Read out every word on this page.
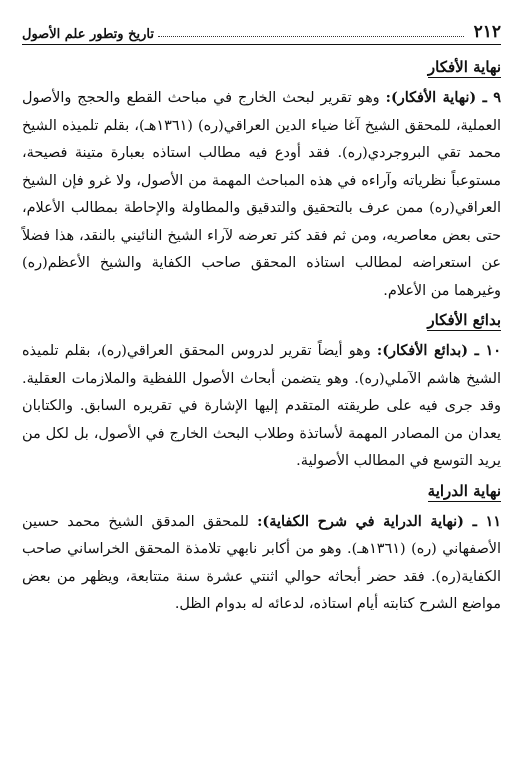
٢١٢
تاريخ وتطور علم الأصول
نهاية الأفكار

٩ ـ (نهاية الأفكار): وهو تقرير لبحث الخارج في مباحث القطع والحجج والأصول العملية، للمحقق الشيخ آغا ضياء الدين العراقي(ره) (١٣٦١هـ)، بقلم تلميذه الشيخ محمد تقي البروجردي(ره). فقد أودع فيه مطالب استاذه بعبارة متينة فصيحة، مستوعباً نظرياته وآراءه في هذه المباحث المهمة من الأصول، ولا غرو فإن الشيخ العراقي(ره) ممن عرف بالتحقيق والتدقيق والمطاولة والإحاطة بمطالب الأعلام، حتى بعض معاصريه، ومن ثم فقد كثر تعرضه لآراء الشيخ النائيني بالنقد، هذا فضلاً عن استعراضه لمطالب استاذه المحقق صاحب الكفاية والشيخ الأعظم(ره) وغيرهما من الأعلام.

بدائع الأفكار

١٠ ـ (بدائع الأفكار): وهو أيضاً تقرير لدروس المحقق العراقي(ره)، بقلم تلميذه الشيخ هاشم الآملي(ره). وهو يتضمن أبحاث الأصول اللفظية والملازمات العقلية. وقد جرى فيه على طريقته المتقدم إليها الإشارة في تقريره السابق. والكتابان يعدان من المصادر المهمة لأساتذة وطلاب البحث الخارج في الأصول، بل لكل من يريد التوسع في المطالب الأصولية.

نهاية الدراية

١١ ـ (نهاية الدراية في شرح الكفاية): للمحقق المدقق الشيخ محمد حسين الأصفهاني (ره) (١٣٦١هـ). وهو من أكابر نابهي تلامذة المحقق الخراساني صاحب الكفاية(ره). فقد حضر أبحاثه حوالي اثنتي عشرة سنة متتابعة، ويظهر من بعض مواضع الشرح كتابته أيام استاذه، لدعائه له بدوام الظل.
